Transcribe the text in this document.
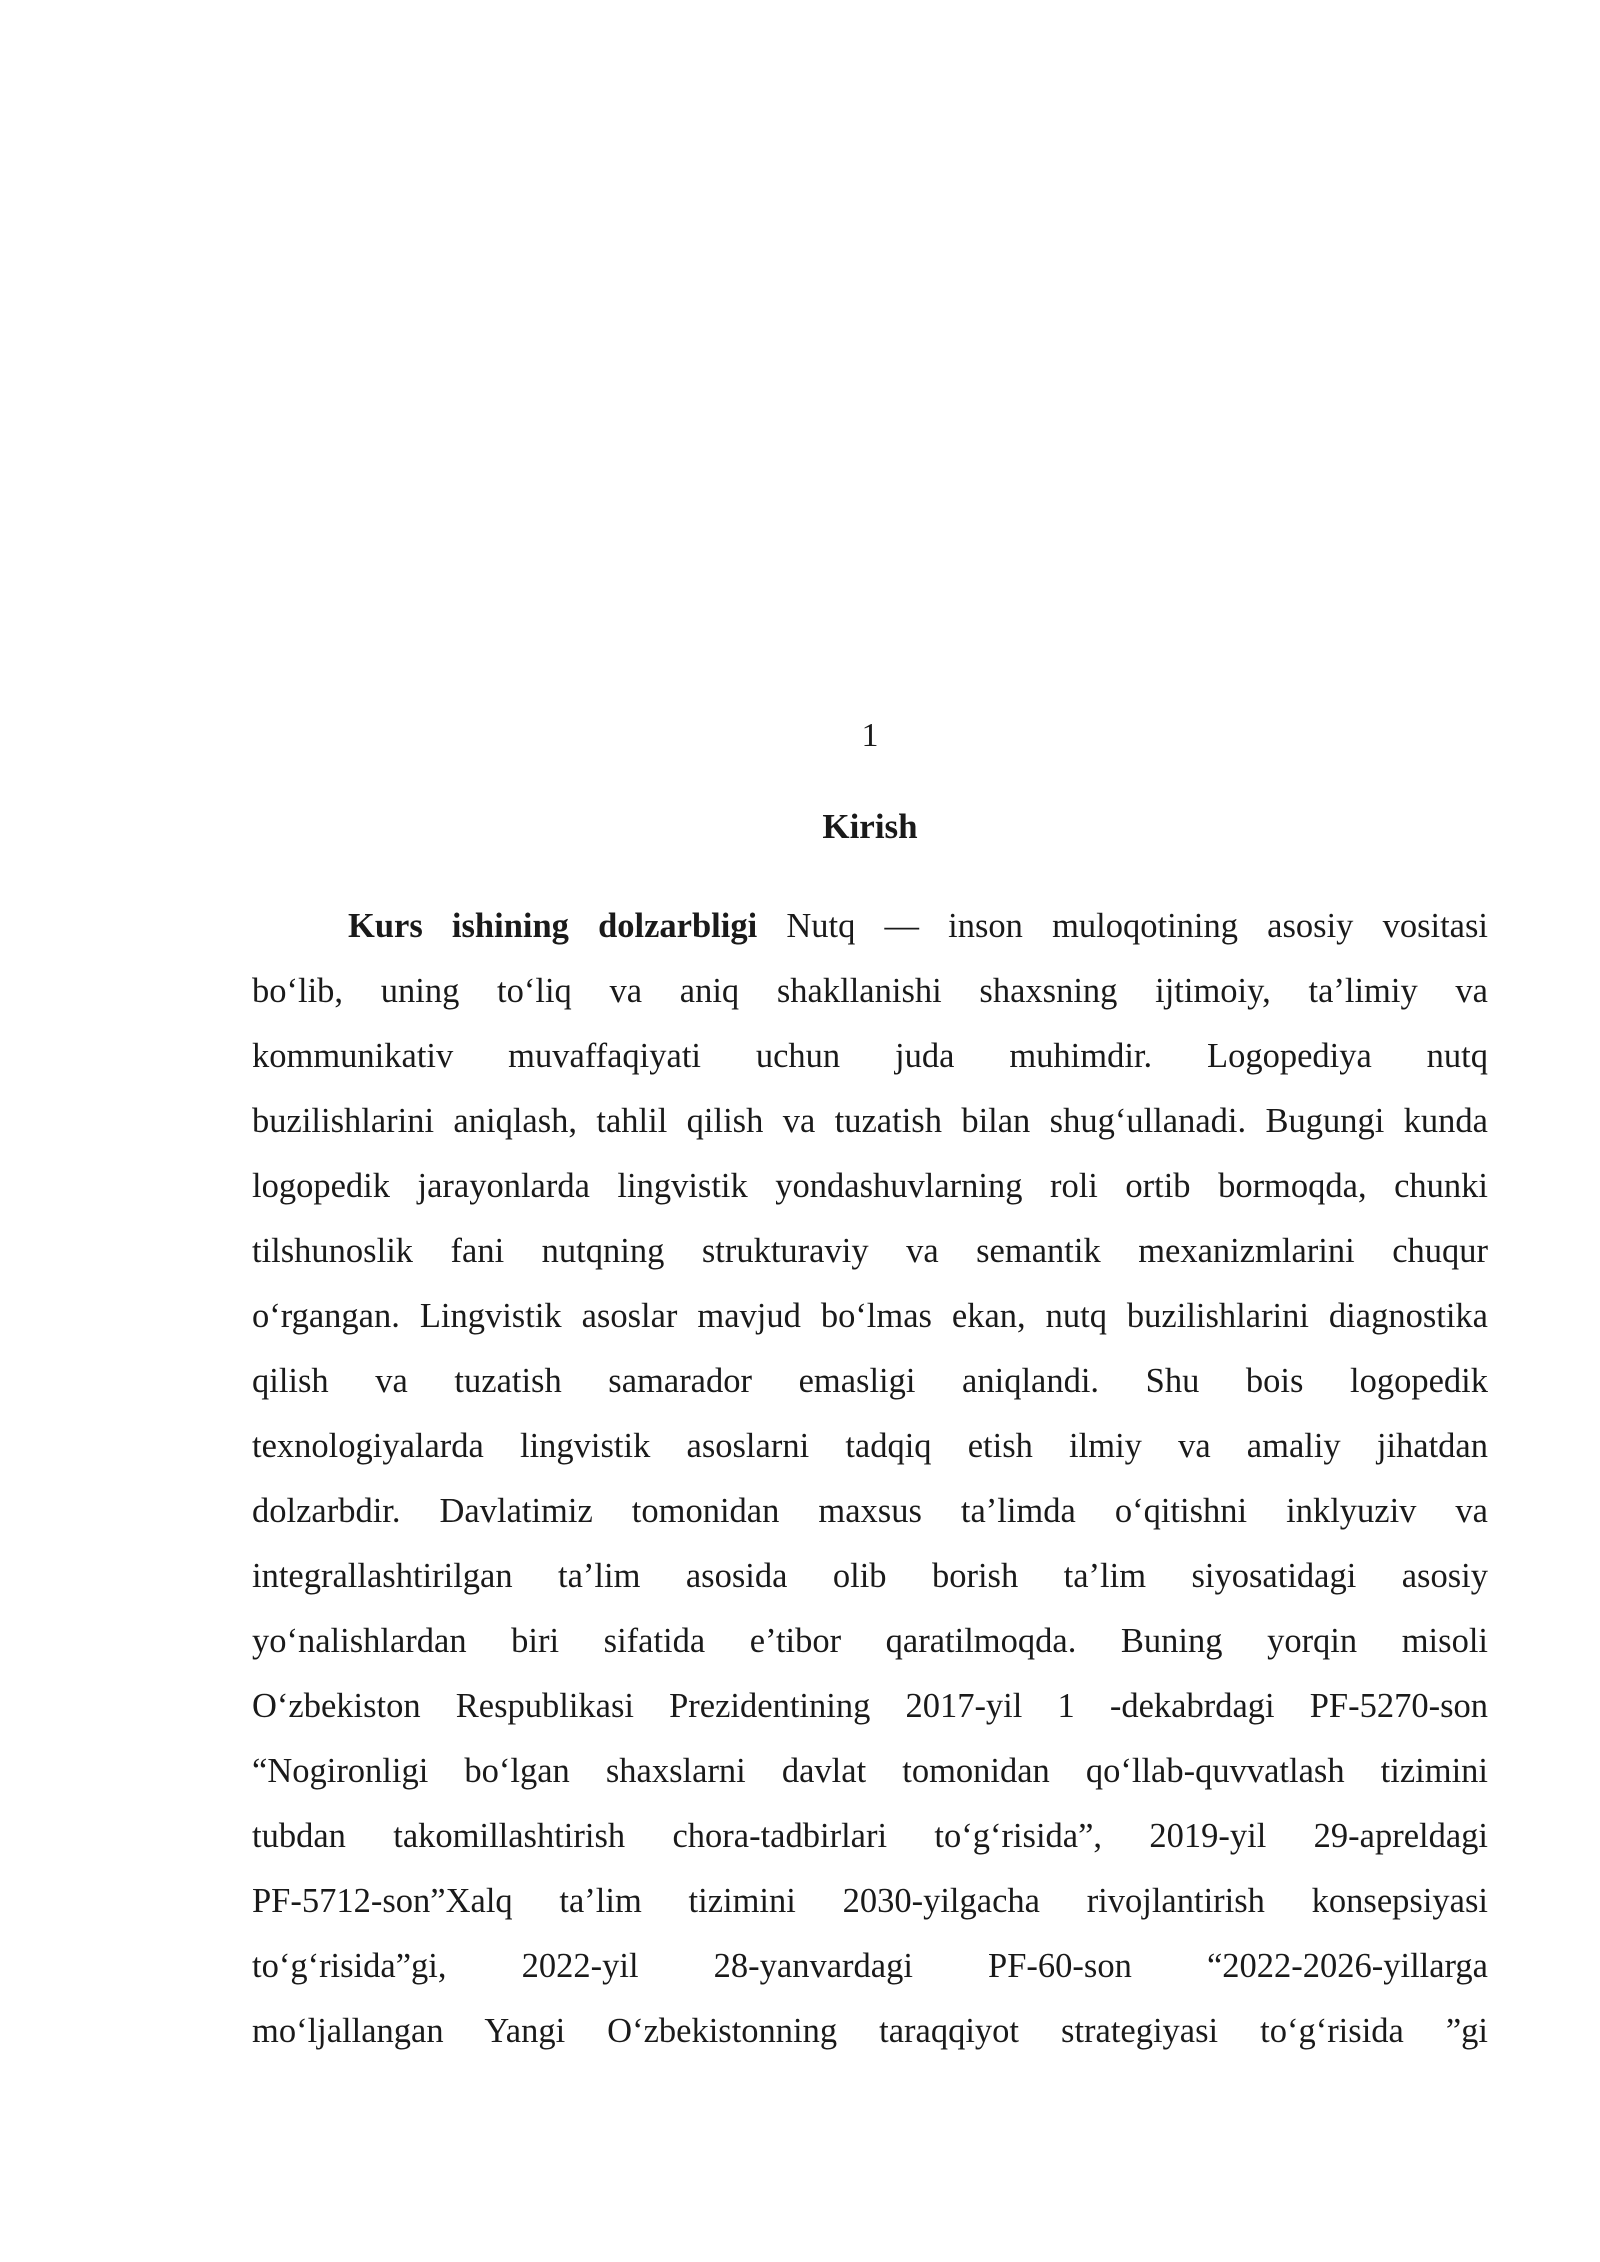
1
Kirish
Kurs ishining dolzarbligi Nutq — inson muloqotining asosiy vositasi
bo‘lib, uning to‘liq va aniq shakllanishi shaxsning ijtimoiy, ta’limiy va
kommunikativ muvaffaqiyati uchun juda muhimdir. Logopediya nutq
buzilishlarini aniqlash, tahlil qilish va tuzatish bilan shug‘ullanadi. Bugungi kunda
logopedik jarayonlarda lingvistik yondashuvlarning roli ortib bormoqda, chunki
tilshunoslik fani nutqning strukturaviy va semantik mexanizmlarini chuqur
o‘rgangan. Lingvistik asoslar mavjud bo‘lmas ekan, nutq buzilishlarini diagnostika
qilish va tuzatish samarador emasligi aniqlandi. Shu bois logopedik
texnologiyalarda lingvistik asoslarni tadqiq etish ilmiy va amaliy jihatdan
dolzarbdir. Davlatimiz tomonidan maxsus ta’limda o‘qitishni inklyuziv va
integrallashtirilgan ta’lim asosida olib borish ta’lim siyosatidagi asosiy
yo‘nalishlardan biri sifatida e’tibor qaratilmoqda. Buning yorqin misoli
O‘zbekiston Respublikasi Prezidentining 2017-yil 1 -dekabrdagi PF-5270-son
“Nogironligi bo‘lgan shaxslarni davlat tomonidan qo‘llab-quvvatlash tizimini
tubdan takomillashtirish chora-tadbirlari to‘g‘risida”, 2019-yil 29-apreldagi
PF-5712-son”Xalq ta’lim tizimini 2030-yilgacha rivojlantirish konsepsiyasi
to‘g‘risida”gi, 2022-yil 28-yanvardagi PF-60-son “2022-2026-yillarga
mo‘ljallangan Yangi O‘zbekistonning taraqqiyot strategiyasi to‘g‘risida ”gi
